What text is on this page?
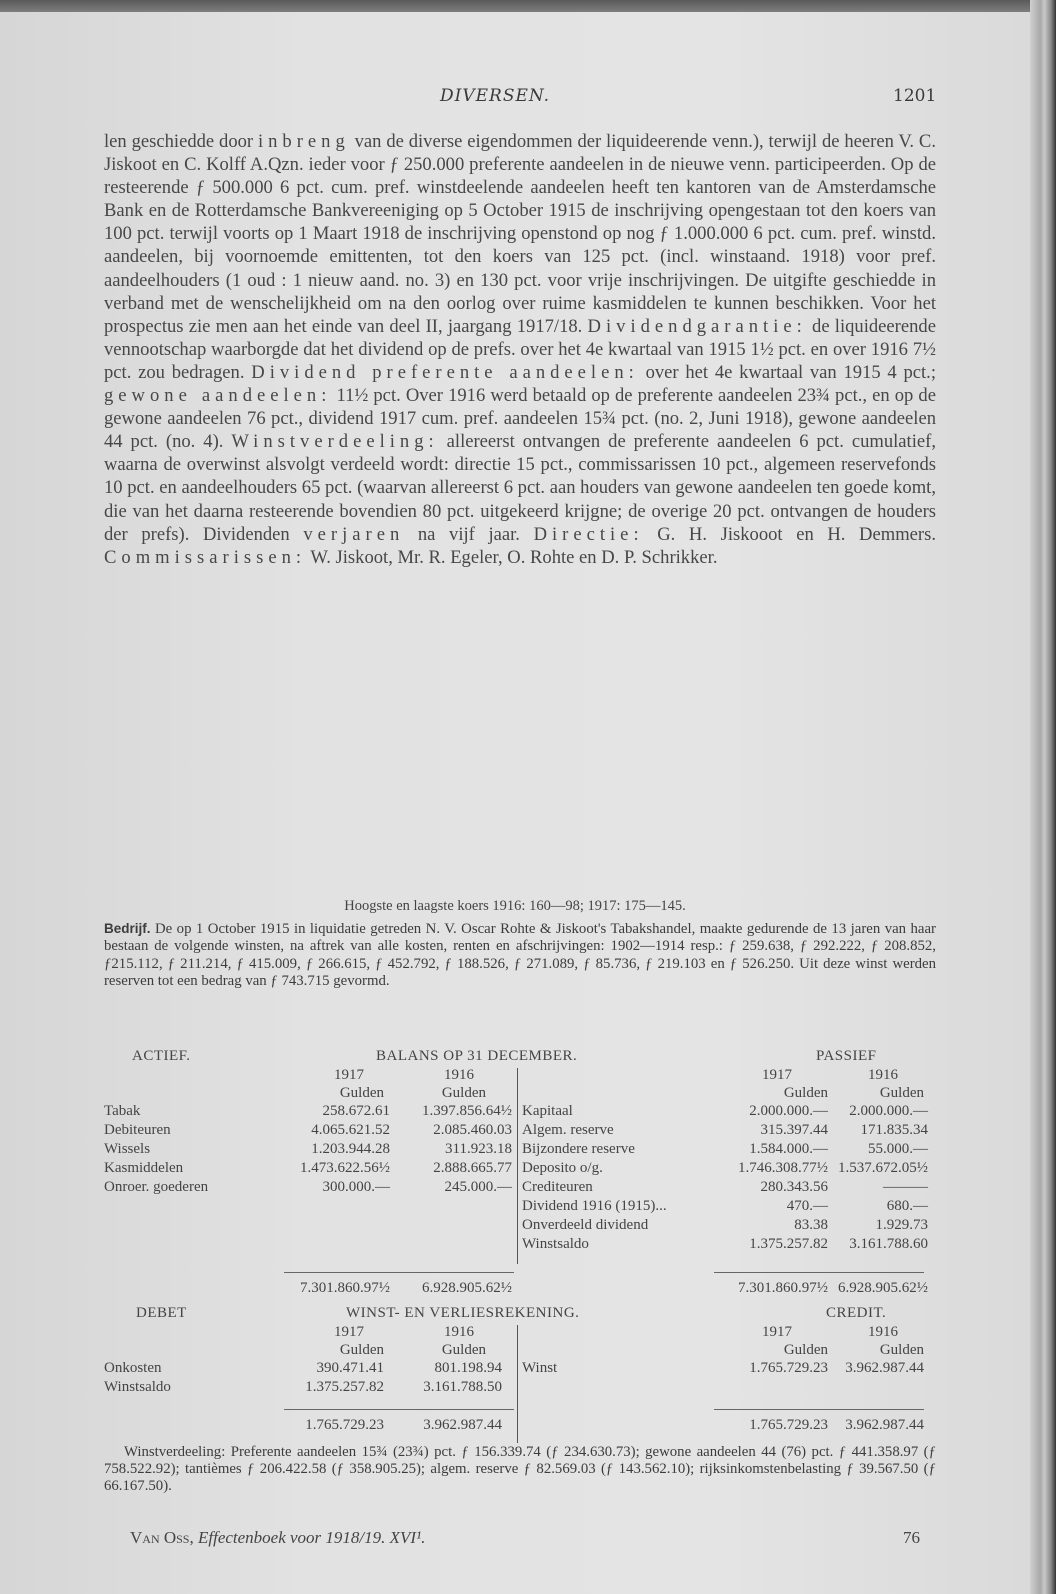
DIVERSEN.	1201
len geschiedde door inbreng van de diverse eigendommen der liquideerende venn.), terwijl de heeren V. C. Jiskoot en C. Kolff A.Qzn. ieder voor ƒ 250.000 preferente aandeelen in de nieuwe venn. participeerden. Op de resteerende ƒ 500.000 6 pct. cum. pref. winstdeelende aandeelen heeft ten kantoren van de Amsterdamsche Bank en de Rotterdamsche Bankvereeniging op 5 October 1915 de inschrijving opengestaan tot den koers van 100 pct. terwijl voorts op 1 Maart 1918 de inschrijving openstond op nog ƒ 1.000.000 6 pct. cum. pref. winstd. aandeelen, bij voornoemde emittenten, tot den koers van 125 pct. (incl. winstaand. 1918) voor pref. aandeelhouders (1 oud : 1 nieuw aand. no. 3) en 130 pct. voor vrije inschrijvingen. De uitgifte geschiedde in verband met de wenschelijkheid om na den oorlog over ruime kasmiddelen te kunnen beschikken. Voor het prospectus zie men aan het einde van deel II, jaargang 1917/18. Dividendgarantie: de liquideerende vennootschap waarborgde dat het dividend op de prefs. over het 4e kwartaal van 1915 1½ pct. en over 1916 7½ pct. zou bedragen. Dividend preferente aandeelen: over het 4e kwartaal van 1915 4 pct.; gewone aandeelen: 11½ pct. Over 1916 werd betaald op de preferente aandeelen 23¾ pct., en op de gewone aandeelen 76 pct., dividend 1917 cum. pref. aandeelen 15¾ pct. (no. 2, Juni 1918), gewone aandeelen 44 pct. (no. 4). Winstverdeeling: allereerst ontvangen de preferente aandeelen 6 pct. cumulatief, waarna de overwinst alsvolgt verdeeld wordt: directie 15 pct., commissarissen 10 pct., algemeen reservefonds 10 pct. en aandeelhouders 65 pct. (waarvan allereerst 6 pct. aan houders van gewone aandeelen ten goede komt, die van het daarna resteerende bovendien 80 pct. uitgekeerd krijgne; de overige 20 pct. ontvangen de houders der prefs). Dividenden verjaren na vijf jaar. Directie: G. H. Jiskooot en H. Demmers. Commissarissen: W. Jiskoot, Mr. R. Egeler, O. Rohte en D. P. Schrikker.
Hoogste en laagste koers 1916: 160—98; 1917: 175—145.
Bedrijf. De op 1 October 1915 in liquidatie getreden N. V. Oscar Rohte & Jiskoot's Tabakshandel, maakte gedurende de 13 jaren van haar bestaan de volgende winsten, na aftrek van alle kosten, renten en afschrijvingen: 1902—1914 resp.: ƒ 259.638, ƒ 292.222, ƒ 208.852, ƒ215.112, ƒ 211.214, ƒ 415.009, ƒ 266.615, ƒ 452.792, ƒ 188.526, ƒ 271.089, ƒ 85.736, ƒ 219.103 en ƒ 526.250. Uit deze winst werden reserven tot een bedrag van ƒ 743.715 gevormd.
ACTIEF.	BALANS OP 31 DECEMBER.	PASSIEF
1917	1916
Gulden	Gulden
1917	1916
Gulden	Gulden
Tabak	258.672.61	1.397.856.64½
Debiteuren	4.065.621.52	2.085.460.03
Wissels	1.203.944.28	311.923.18
Kasmiddelen	1.473.622.56½	2.888.665.77
Onroer. goederen	300.000.—	245.000.—
Kapitaal	2.000.000.—	2.000.000.—
Algem. reserve	315.397.44	171.835.34
Bijzondere reserve	1.584.000.—	55.000.—
Deposito o/g.	1.746.308.77½ 1.537.672.05½
Crediteuren	280.343.56	———
Dividend 1916 (1915)...	470.—	680.—
Onverdeeld dividend	83.38	1.929.73
Winstsaldo	1.375.257.82	3.161.788.60
7.301.860.97½	6.928.905.62½	7.301.860.97½ 6.928.905.62½
DEBET	WINST- EN VERLIESREKENING.	CREDIT.
1917	1916
Gulden	Gulden
1917	1916
Gulden	Gulden
Onkosten	390.471.41	801.198.94
Winstsaldo	1.375.257.82	3.161.788.50
Winst	1.765.729.23	3.962.987.44
1.765.729.23	3.962.987.44	1.765.729.23	3.962.987.44
Winstverdeeling: Preferente aandeelen 15¾ (23¾) pct. ƒ 156.339.74 (ƒ 234.630.73); gewone aandeelen 44 (76) pct. ƒ 441.358.97 (ƒ 758.522.92); tantièmes ƒ 206.422.58 (ƒ 358.905.25); algem. reserve ƒ 82.569.03 (ƒ 143.562.10); rijksinkomstenbelasting ƒ 39.567.50 (ƒ 66.167.50).
Van Oss, Effectenboek voor 1918/19. XVI¹.	76
